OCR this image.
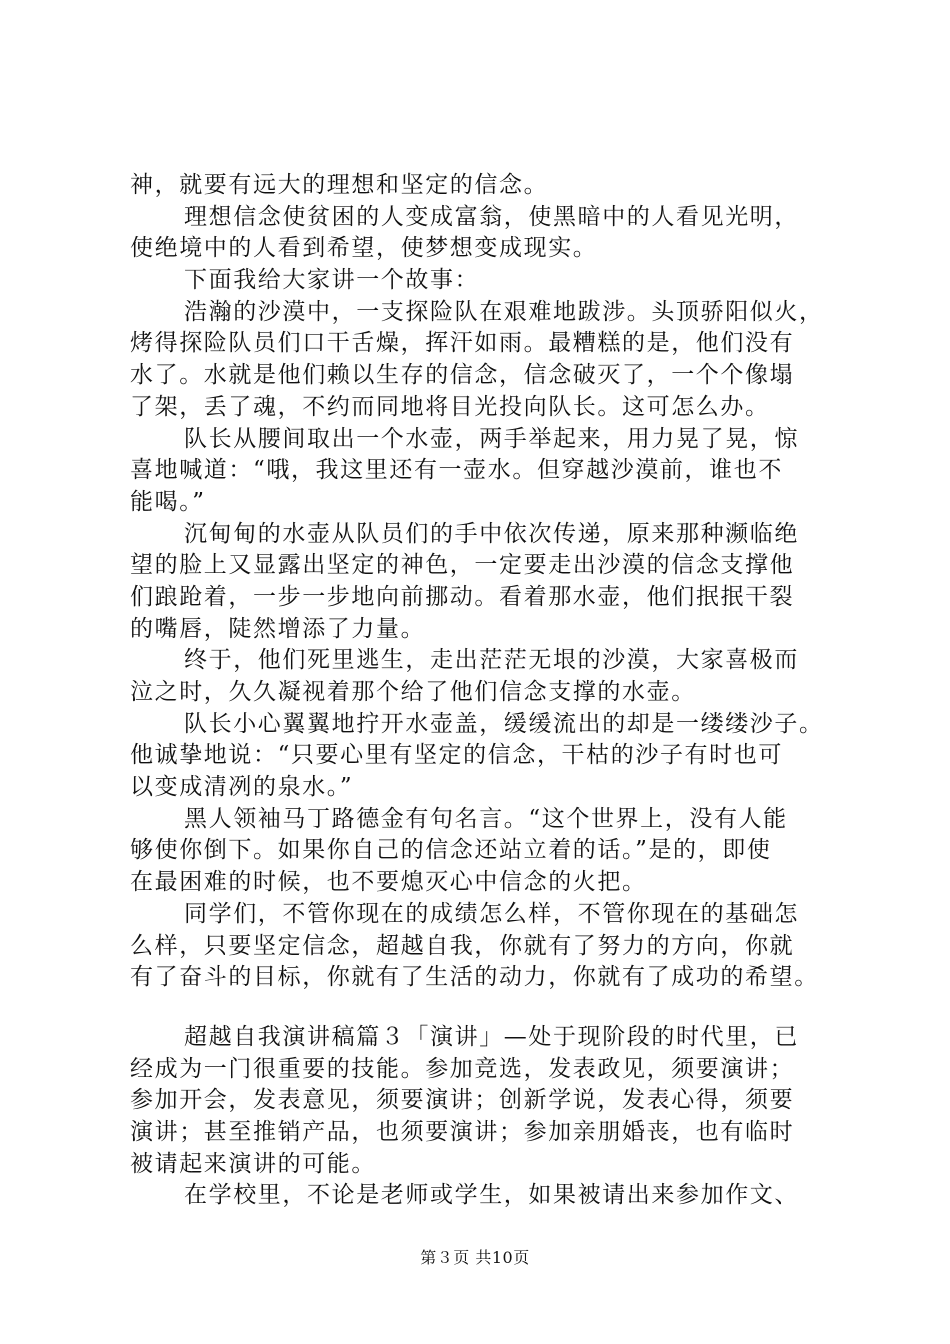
神，就要有远大的理想和坚定的信念。
理想信念使贫困的人变成富翁，使黑暗中的人看见光明，
使绝境中的人看到希望，使梦想变成现实。
下面我给大家讲一个故事：
浩瀚的沙漠中，一支探险队在艰难地跋涉。头顶骄阳似火，
烤得探险队员们口干舌燥，挥汗如雨。最糟糕的是，他们没有
水了。水就是他们赖以生存的信念，信念破灭了，一个个像塌
了架，丢了魂，不约而同地将目光投向队长。这可怎么办。
队长从腰间取出一个水壶，两手举起来，用力晃了晃，惊
喜地喊道：“哦，我这里还有一壶水。但穿越沙漠前，谁也不
能喝。”
沉甸甸的水壶从队员们的手中依次传递，原来那种濒临绝
望的脸上又显露出坚定的神色，一定要走出沙漠的信念支撑他
们踉跄着，一步一步地向前挪动。看着那水壶，他们抿抿干裂
的嘴唇，陡然增添了力量。
终于，他们死里逃生，走出茫茫无垠的沙漠，大家喜极而
泣之时，久久凝视着那个给了他们信念支撑的水壶。
队长小心翼翼地拧开水壶盖，缓缓流出的却是一缕缕沙子。
他诚挚地说：“只要心里有坚定的信念，干枯的沙子有时也可
以变成清冽的泉水。”
黑人领袖马丁路德金有句名言。“这个世界上，没有人能
够使你倒下。如果你自己的信念还站立着的话。”是的，即使
在最困难的时候，也不要熄灭心中信念的火把。
同学们，不管你现在的成绩怎么样，不管你现在的基础怎
么样，只要坚定信念，超越自我，你就有了努力的方向，你就
有了奋斗的目标，你就有了生活的动力，你就有了成功的希望。
超越自我演讲稿篇３「演讲」—处于现阶段的时代里，已
经成为一门很重要的技能。参加竞选，发表政见，须要演讲；
参加开会，发表意见，须要演讲；创新学说，发表心得，须要
演讲；甚至推销产品，也须要演讲；参加亲朋婚丧，也有临时
被请起来演讲的可能。
在学校里，不论是老师或学生，如果被请出来参加作文、
第３页 共10页
